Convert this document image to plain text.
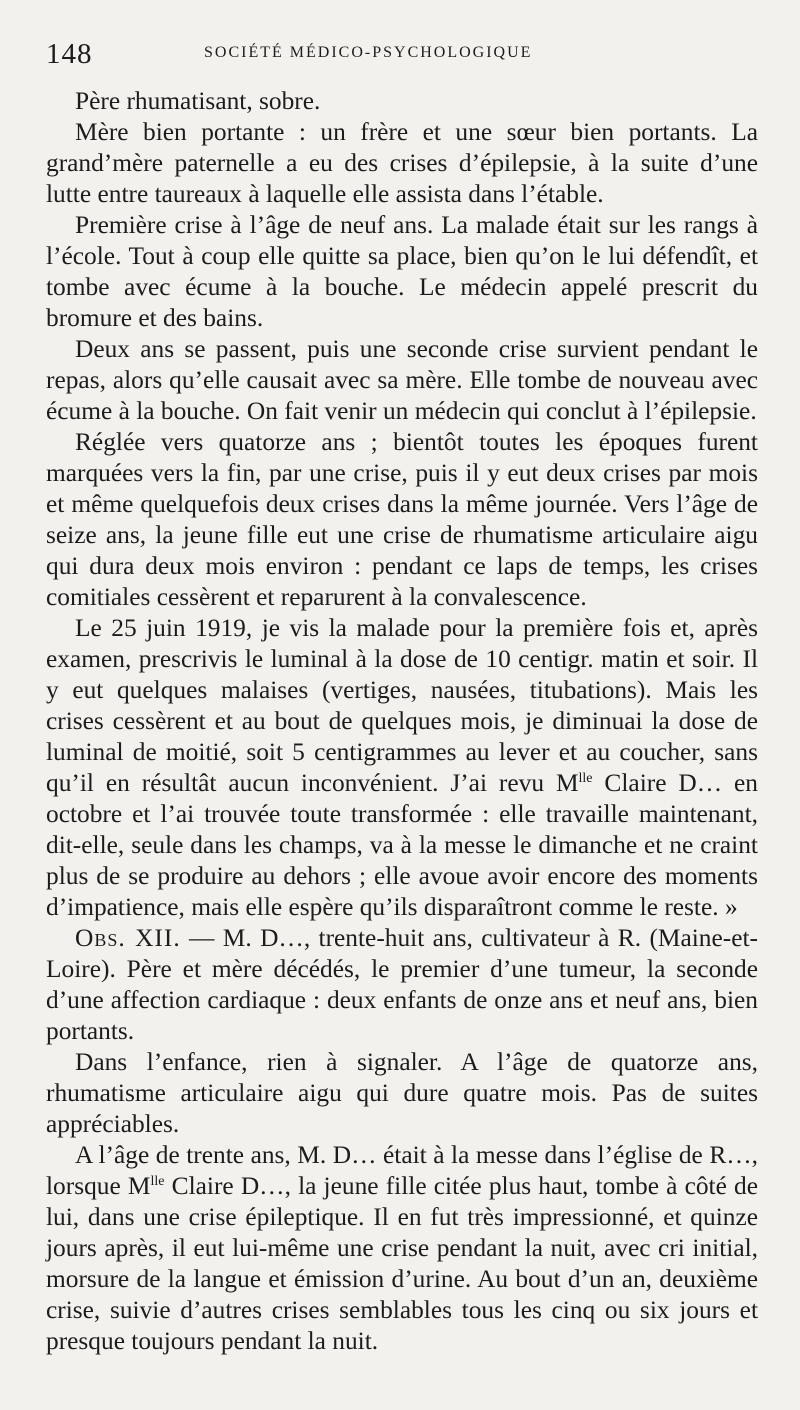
148	SOCIÉTÉ MÉDICO-PSYCHOLOGIQUE

Père rhumatisant, sobre.

Mère bien portante : un frère et une sœur bien portants. La grand’mère paternelle a eu des crises d’épilepsie, à la suite d’une lutte entre taureaux à laquelle elle assista dans l’étable.

Première crise à l’âge de neuf ans. La malade était sur les rangs à l’école. Tout à coup elle quitte sa place, bien qu’on le lui défendît, et tombe avec écume à la bouche. Le médecin appelé prescrit du bromure et des bains.

Deux ans se passent, puis une seconde crise survient pendant le repas, alors qu’elle causait avec sa mère. Elle tombe de nouveau avec écume à la bouche. On fait venir un médecin qui conclut à l’épilepsie.

Réglée vers quatorze ans ; bientôt toutes les époques furent marquées vers la fin, par une crise, puis il y eut deux crises par mois et même quelquefois deux crises dans la même journée. Vers l’âge de seize ans, la jeune fille eut une crise de rhumatisme articulaire aigu qui dura deux mois environ : pendant ce laps de temps, les crises comitiales cessèrent et reparurent à la convalescence.

Le 25 juin 1919, je vis la malade pour la première fois et, après examen, prescrivis le luminal à la dose de 10 centigr. matin et soir. Il y eut quelques malaises (vertiges, nausées, titubations). Mais les crises cessèrent et au bout de quelques mois, je diminuai la dose de luminal de moitié, soit 5 centigrammes au lever et au coucher, sans qu’il en résultât aucun inconvénient. J’ai revu $M^{lle}$ Claire D… en octobre et l’ai trouvée toute transformée : elle travaille maintenant, dit-elle, seule dans les champs, va à la messe le dimanche et ne craint plus de se produire au dehors ; elle avoue avoir encore des moments d’impatience, mais elle espère qu’ils disparaîtront comme le reste. »

Obs. XII. — M. D…, trente-huit ans, cultivateur à R. (Maine-et-Loire). Père et mère décédés, le premier d’une tumeur, la seconde d’une affection cardiaque : deux enfants de onze ans et neuf ans, bien portants.

Dans l’enfance, rien à signaler. A l’âge de quatorze ans, rhumatisme articulaire aigu qui dure quatre mois. Pas de suites appréciables.

A l’âge de trente ans, M. D… était à la messe dans l’église de R…, lorsque $M^{lle}$ Claire D…, la jeune fille citée plus haut, tombe à côté de lui, dans une crise épileptique. Il en fut très impressionné, et quinze jours après, il eut lui-même une crise pendant la nuit, avec cri initial, morsure de la langue et émission d’urine. Au bout d’un an, deuxième crise, suivie d’autres crises semblables tous les cinq ou six jours et presque toujours pendant la nuit.
